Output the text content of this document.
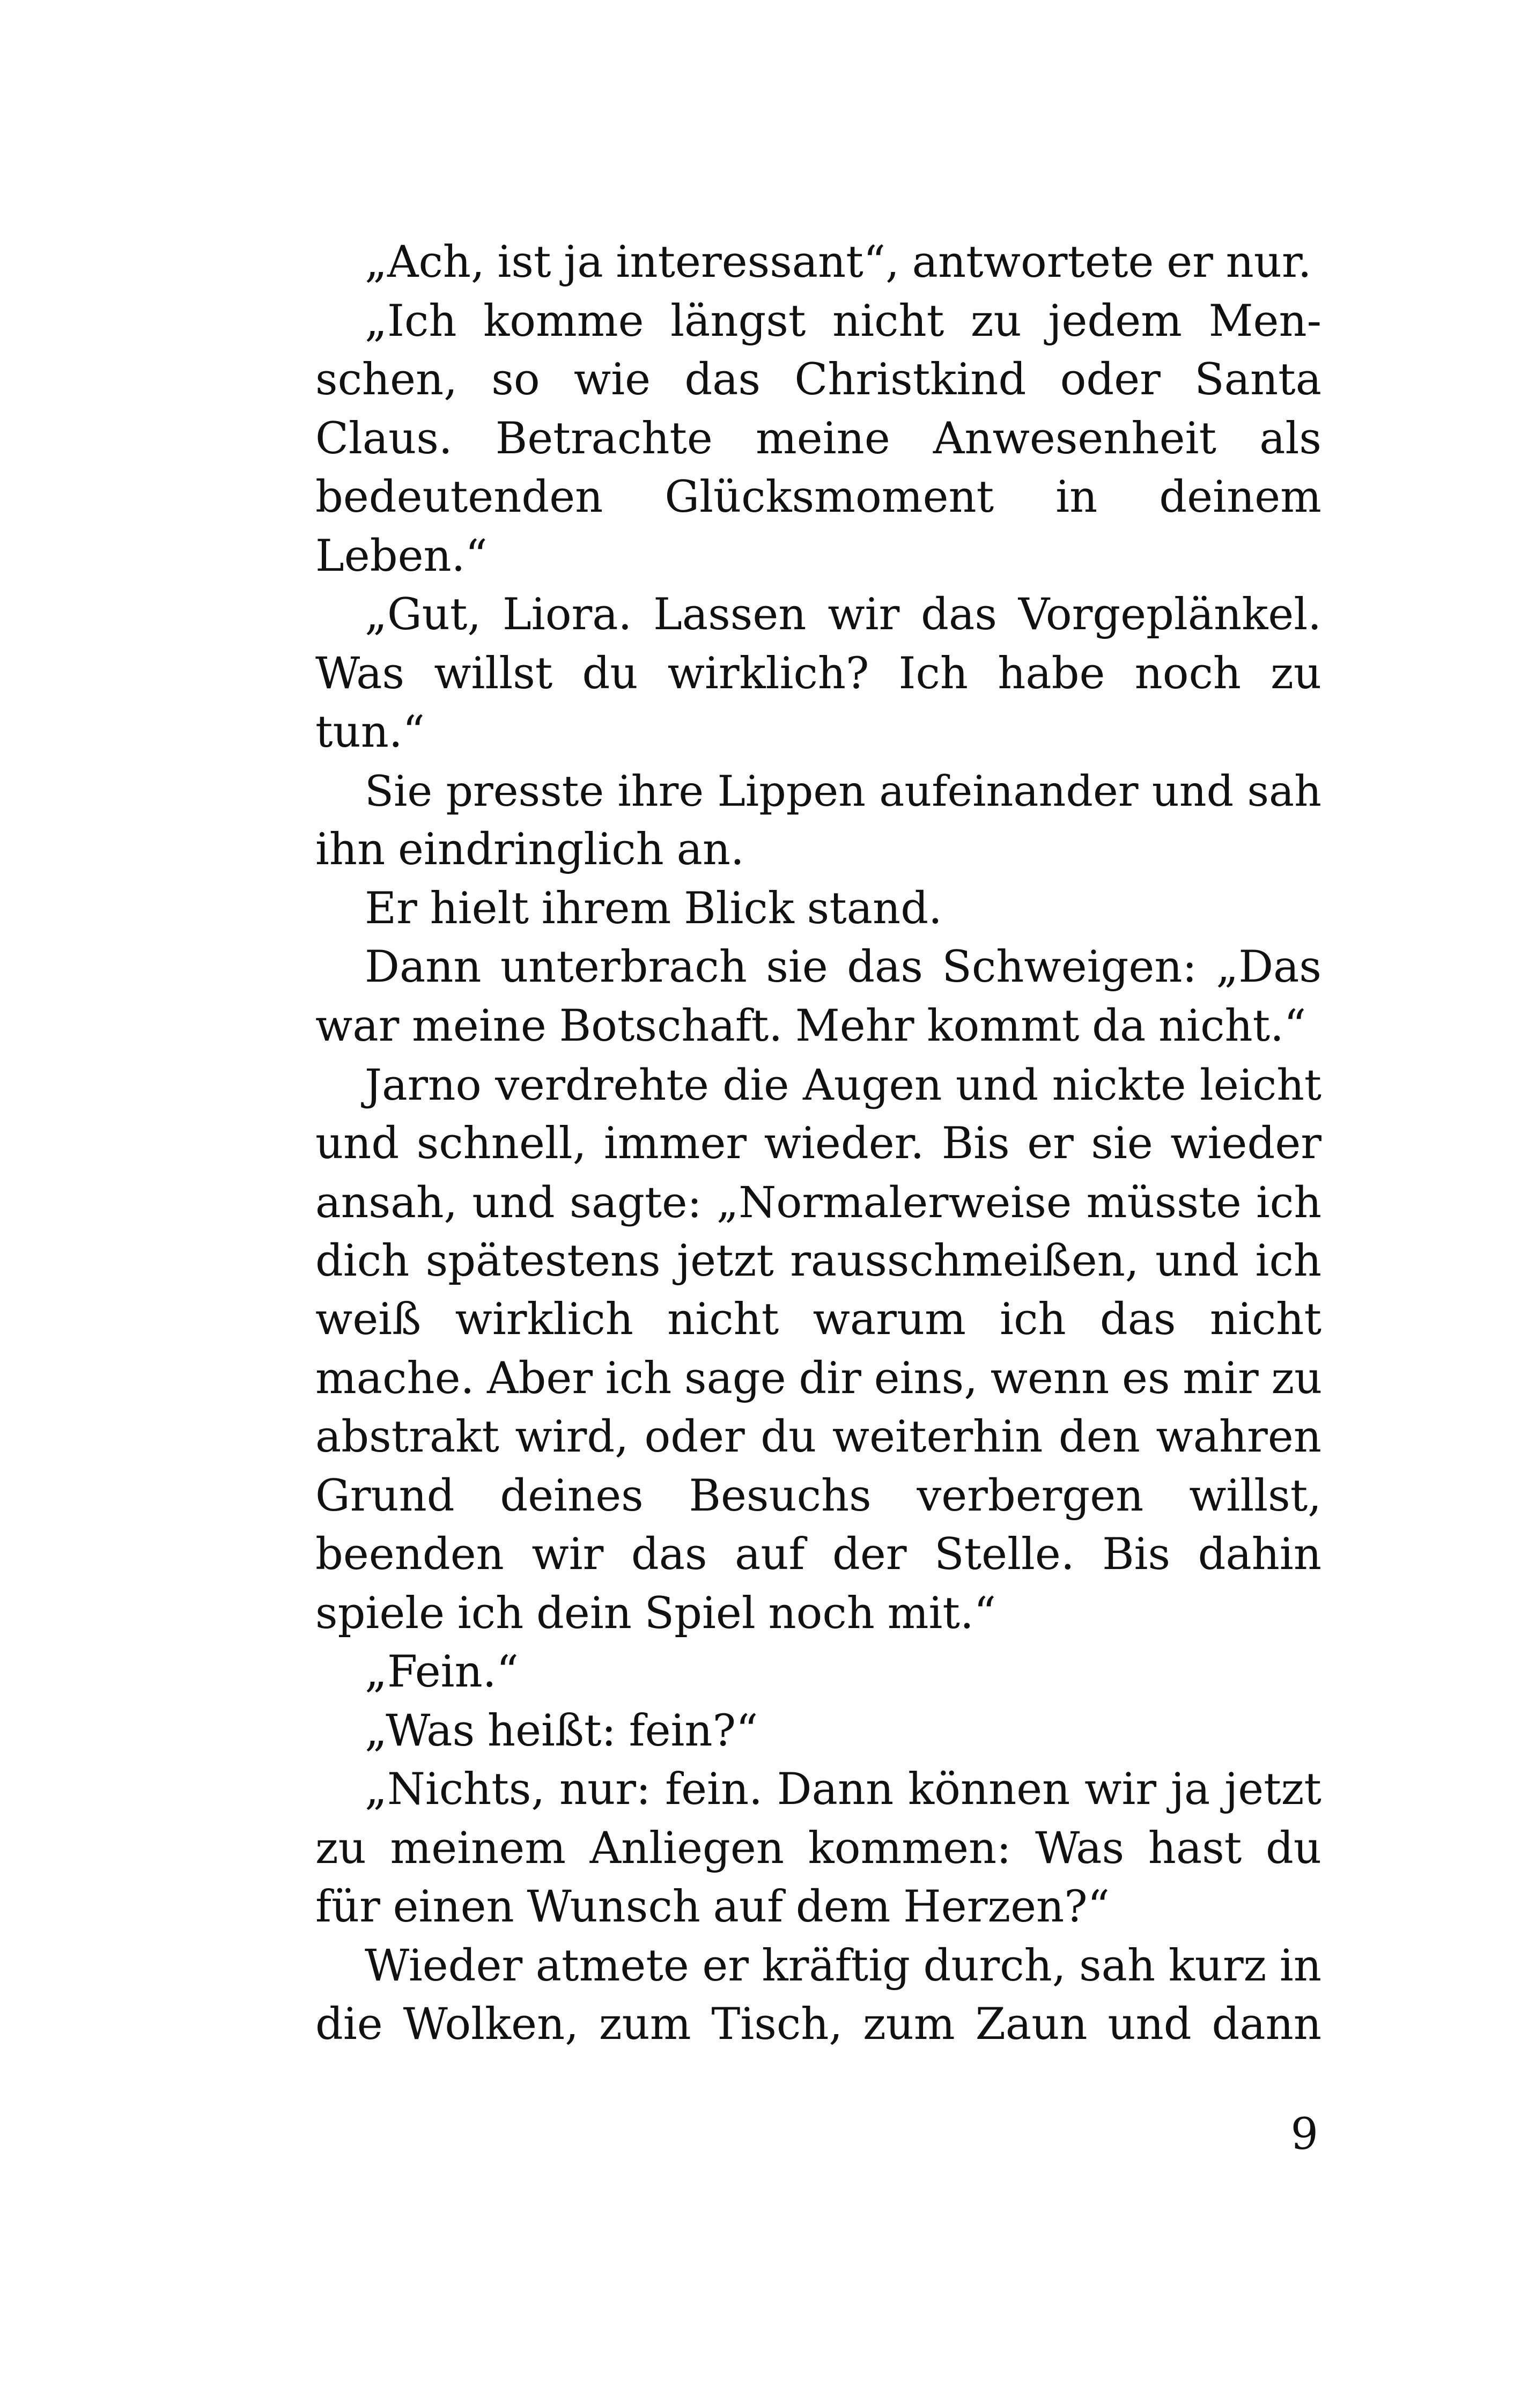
„Ach, ist ja interessant“, antwortete er nur.
„Ich komme längst nicht zu jedem Men-
schen, so wie das Christkind oder Santa
Claus. Betrachte meine Anwesenheit als
bedeutenden Glücksmoment in deinem
Leben.“
„Gut, Liora. Lassen wir das Vorgeplänkel.
Was willst du wirklich? Ich habe noch zu
tun.“
Sie presste ihre Lippen aufeinander und sah
ihn eindringlich an.
Er hielt ihrem Blick stand.
Dann unterbrach sie das Schweigen: „Das
war meine Botschaft. Mehr kommt da nicht.“
Jarno verdrehte die Augen und nickte leicht
und schnell, immer wieder. Bis er sie wieder
ansah, und sagte: „Normalerweise müsste ich
dich spätestens jetzt rausschmeißen, und ich
weiß wirklich nicht warum ich das nicht
mache. Aber ich sage dir eins, wenn es mir zu
abstrakt wird, oder du weiterhin den wahren
Grund deines Besuchs verbergen willst,
beenden wir das auf der Stelle. Bis dahin
spiele ich dein Spiel noch mit.“
„Fein.“
„Was heißt: fein?“
„Nichts, nur: fein. Dann können wir ja jetzt
zu meinem Anliegen kommen: Was hast du
für einen Wunsch auf dem Herzen?“
Wieder atmete er kräftig durch, sah kurz in
die Wolken, zum Tisch, zum Zaun und dann
9
